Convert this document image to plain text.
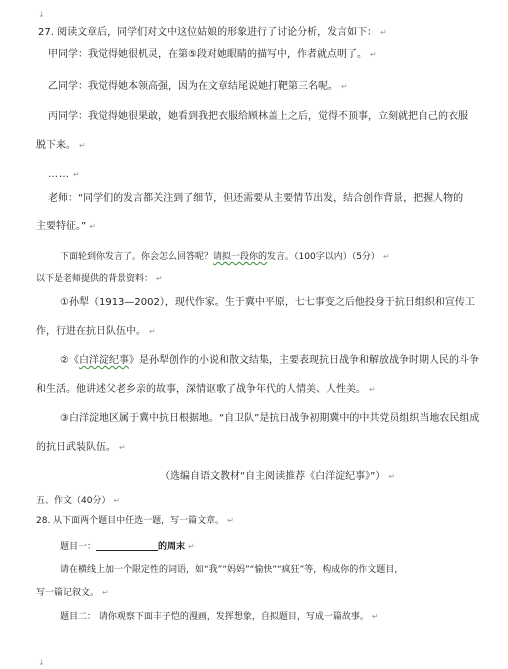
↓
27. 阅读文章后，同学们对文中这位姑娘的形象进行了讨论分析，发言如下： ↵
甲同学：我觉得她很机灵，在第⑤段对她眼睛的描写中，作者就点明了。 ↵
乙同学：我觉得她本领高强，因为在文章结尾说她打靶第三名呢。 ↵
丙同学：我觉得她很果敢，她看到我把衣服给顾林盖上之后，觉得不顶事，立刻就把自己的衣服
脱下来。 ↵
…… ↵
老师：“同学们的发言都关注到了细节，但还需要从主要情节出发，结合创作背景，把握人物的
主要特征。” ↵
下面轮到你发言了。你会怎么回答呢？请拟一段你的发言。（100字以内）（5分） ↵
以下是老师提供的背景资料： ↵
①孙犁（1913—2002），现代作家。生于冀中平原，七七事变之后他投身于抗日组织和宣传工
作，行进在抗日队伍中。 ↵
②《白洋淀纪事》是孙犁创作的小说和散文结集，主要表现抗日战争和解放战争时期人民的斗争
和生活。他讲述父老乡亲的故事，深情讴歌了战争年代的人情美、人性美。 ↵
③白洋淀地区属于冀中抗日根据地。“自卫队”是抗日战争初期冀中的中共党员组织当地农民组成
的抗日武装队伍。 ↵
（选编自语文教材“自主阅读推荐《白洋淀纪事》”） ↵
五、作文（40分） ↵
28. 从下面两个题目中任选一题，写一篇文章。 ↵
题目一：	的周末 ↵
请在横线上加一个限定性的词语，如“我”“妈妈”“愉快”“疯狂”等，构成你的作文题目，
写一篇记叙文。 ↵
题目二： 请你观察下面丰子恺的漫画，发挥想象，自拟题目，写成一篇故事。 ↵
↓
